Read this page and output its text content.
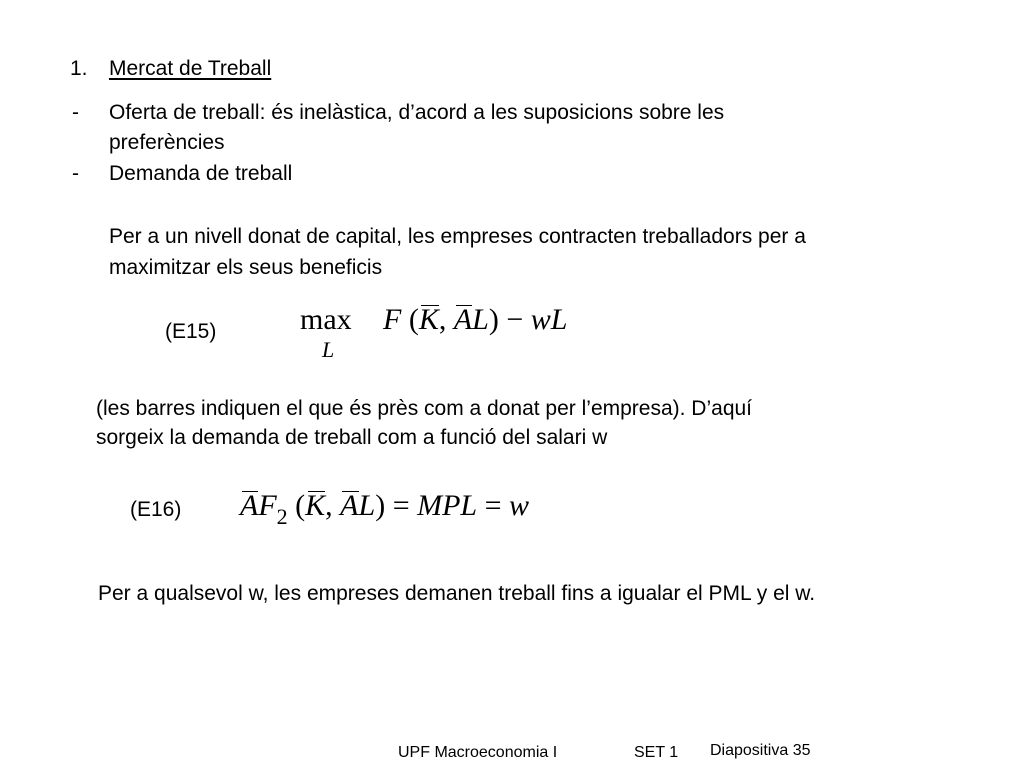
1. Mercat de Treball
- Oferta de treball: és inelàstica, d’acord a les suposicions sobre les
preferències
- Demanda de treball
Per a un nivell donat de capital, les empreses contracten treballadors per a
maximitzar els seus beneficis
(E15)	max
L
F (K, AL) − wL
(les barres indiquen el que és près com a donat per l’empresa). D’aquí
sorgeix la demanda de treball com a funció del salari w
(E16) $AF_2$ (K, AL) = MPL = w
Per a qualsevol w, les empreses demanen treball fins a igualar el PML y el w.
UPF Macroeconomia I	SET 1 Diapositiva 35
